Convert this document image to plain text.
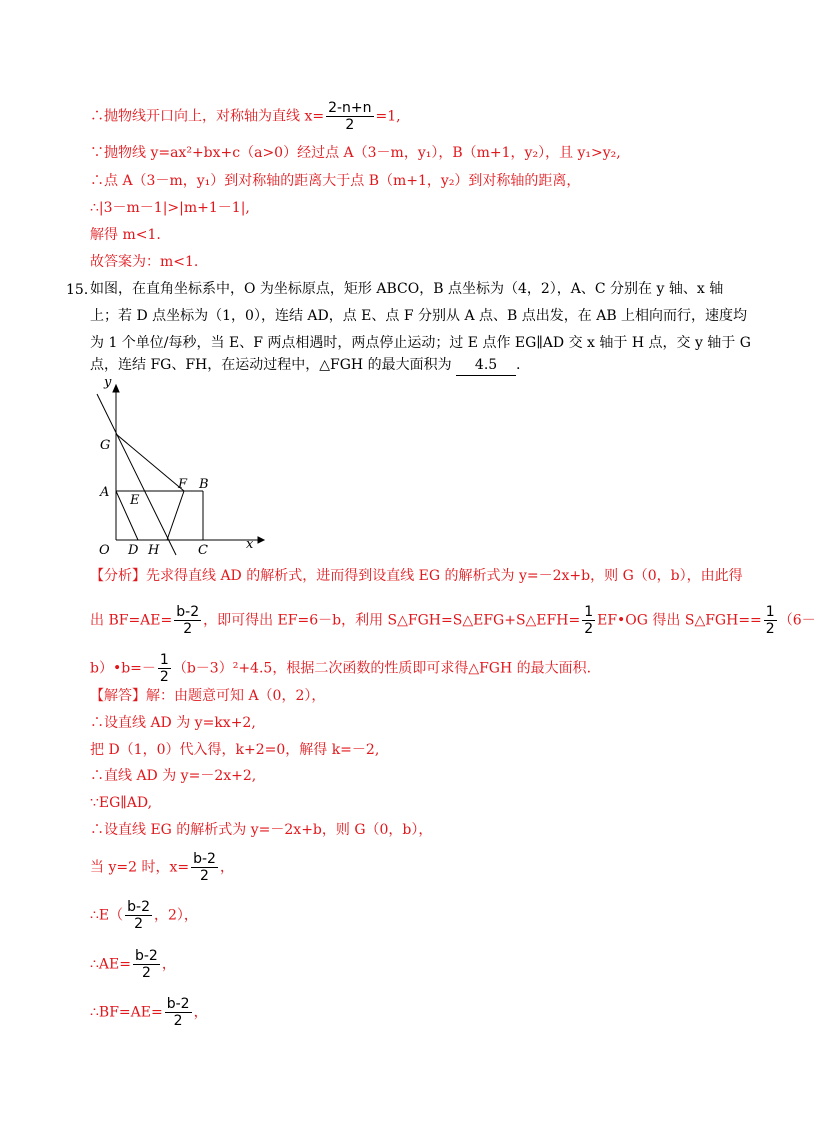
∴抛物线开口向上，对称轴为直线 $x= \frac{2-n+n}{2} =1$,
∵抛物线 y=ax²+bx+c（a>0）经过点 A（3－m，y₁），B（m+1，y₂），且 y₁>y₂,
∴点 A（3－m，y₁）到对称轴的距离大于点 B（m+1，y₂）到对称轴的距离，
∴|3－m－1|>|m+1－1|,
解得 m<1.
故答案为：m<1.
15．
如图，在直角坐标系中，O 为坐标原点，矩形 ABCO，B 点坐标为（4，2），A、C 分别在 y 轴、x 轴
上；若 D 点坐标为（1，0），连结 AD，点 E、点 F 分别从 A 点、B 点出发，在 AB 上相向而行，速度均
为 1 个单位/每秒，当 E、F 两点相遇时，两点停止运动；过 E 点作 EG∥AD 交 x 轴于 H 点，交 y 轴于 G
点，连结 FG、FH，在运动过程中，△FGH 的最大面积为 4.5 .
y
x
G
A
E
F B
O D H	C
【分析】先求得直线 AD 的解析式，进而得到设直线 EG 的解析式为 y=－2x+b，则 G（0，b），由此得
出 $BF=AE= \frac{b-2}{2}$ ，即可得出 EF=6－b，利用 S△FGH=S△EFG+S△EFH= $\frac{1}{2}$ EF•OG 得出 S△FGH== $\frac{1}{2} (6-$
b）•b=－ $\frac{1}{2} (b-3)^2+4.5$，根据二次函数的性质即可求得△FGH 的最大面积.
【解答】解：由题意可知 A（0，2），
∴设直线 AD 为 y=kx+2,
把 D（1，0）代入得，k+2=0，解得 k=－2,
∴直线 AD 为 y=－2x+2,
∵EG∥AD,
∴设直线 EG 的解析式为 y=－2x+b，则 G（0，b），
当 y=2 时，$x= \frac{b-2}{2}$ ，
∴E（ $\frac{b-2}{2}$ ，2），
∴AE= $\frac{b-2}{2}$ ，
∴BF=AE= $\frac{b-2}{2}$ ，
